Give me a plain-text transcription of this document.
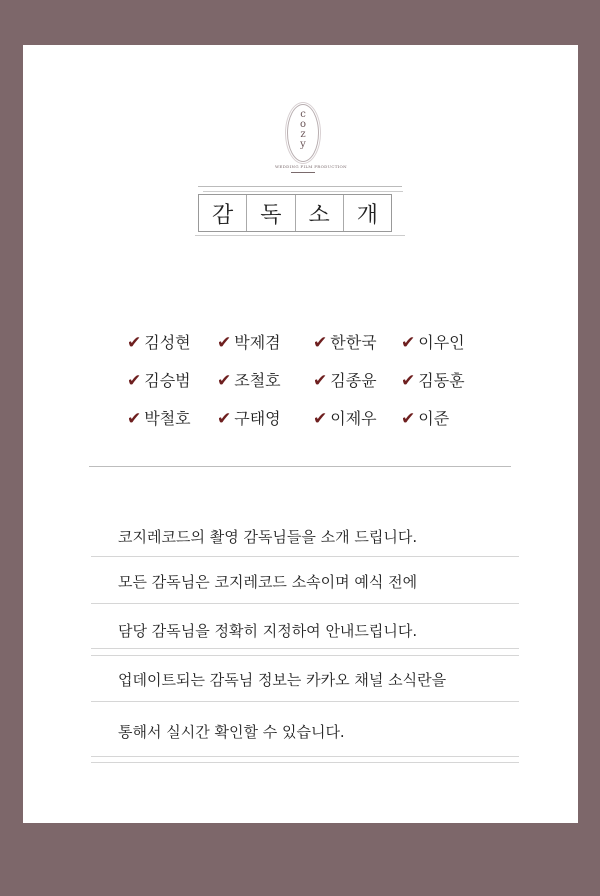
c
o
z
y
WEDDING FILM PRODUCTION
감	독	소	개
✔ 김성현 ✔ 박제겸 ✔ 한한국 ✔ 이우인
✔ 김승범 ✔ 조철호 ✔ 김종윤 ✔ 김동훈
✔ 박철호 ✔ 구태영 ✔ 이제우 ✔ 이준
코지레코드의 촬영 감독님들을 소개 드립니다.
모든 감독님은 코지레코드 소속이며 예식 전에
담당 감독님을 정확히 지정하여 안내드립니다.
업데이트되는 감독님 정보는 카카오 채널 소식란을
통해서 실시간 확인할 수 있습니다.
